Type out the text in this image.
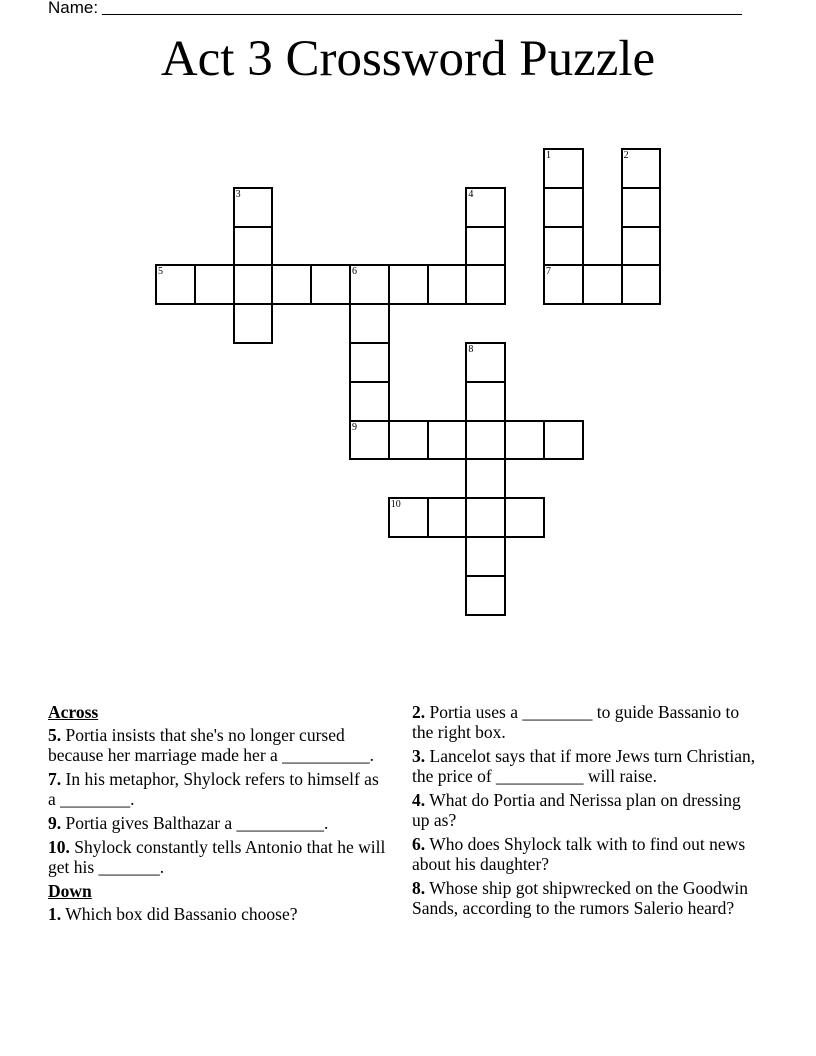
Name:
Act 3 Crossword Puzzle
1
7
2
3	4
5	6
9
8
10
Across
5. Portia insists that she's no longer cursed because her marriage made her a __________.
7. In his metaphor, Shylock refers to himself as a ________.
9. Portia gives Balthazar a __________.
10. Shylock constantly tells Antonio that he will get his _______.
Down
1. Which box did Bassanio choose?
2. Portia uses a ________ to guide Bassanio to the right box.
3. Lancelot says that if more Jews turn Christian, the price of __________ will raise.
4. What do Portia and Nerissa plan on dressing up as?
6. Who does Shylock talk with to find out news about his daughter?
8. Whose ship got shipwrecked on the Goodwin Sands, according to the rumors Salerio heard?
